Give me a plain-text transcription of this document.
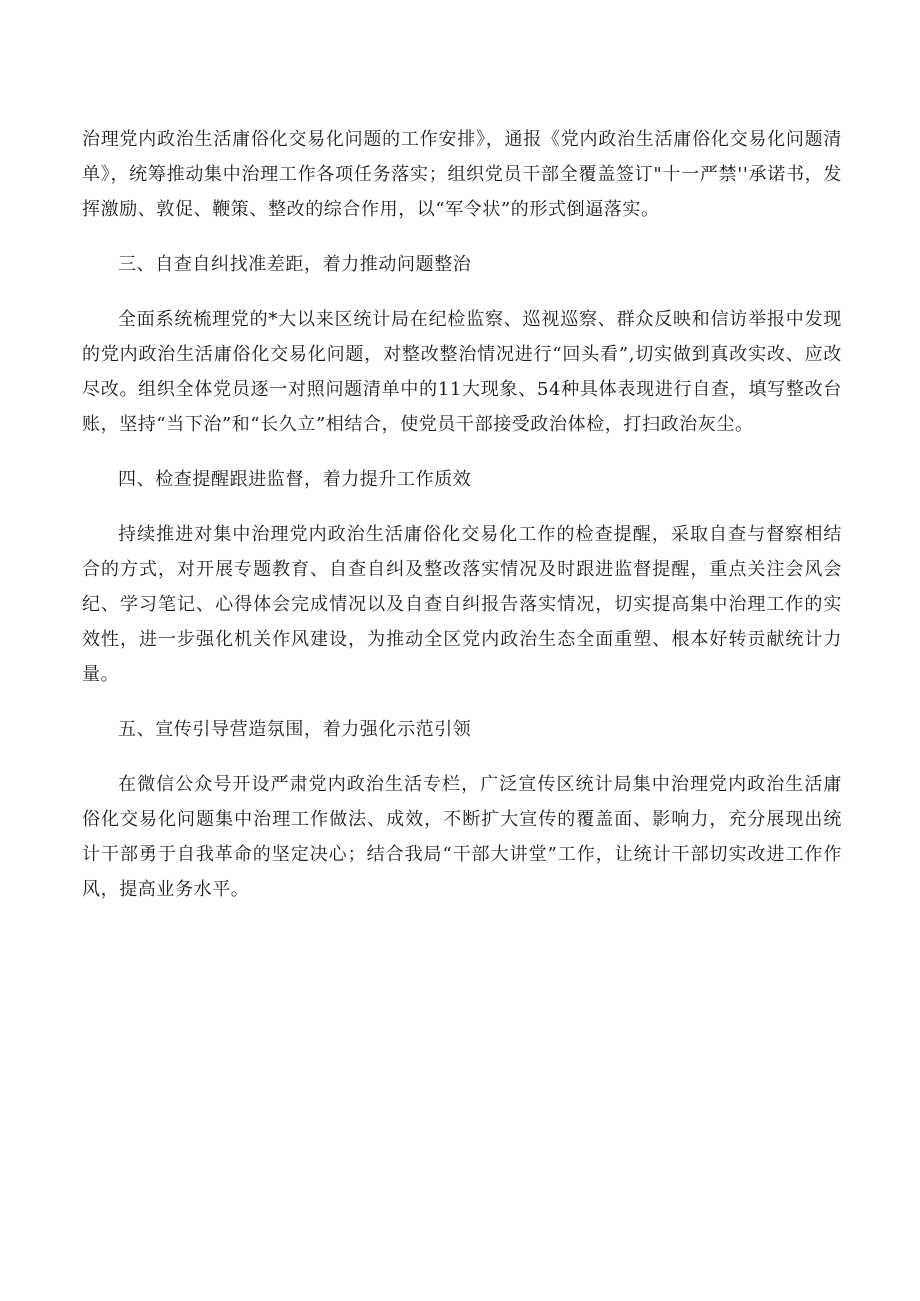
治理党内政治生活庸俗化交易化问题的工作安排》，通报《党内政治生活庸俗化交易化问题清单》，统筹推动集中治理工作各项任务落实；组织党员干部全覆盖签订"十一严禁''承诺书，发挥激励、敦促、鞭策、整改的综合作用，以“军令状”的形式倒逼落实。

三、自查自纠找准差距，着力推动问题整治

全面系统梳理党的*大以来区统计局在纪检监察、巡视巡察、群众反映和信访举报中发现的党内政治生活庸俗化交易化问题，对整改整治情况进行“回头看”,切实做到真改实改、应改尽改。组织全体党员逐一对照问题清单中的11大现象、54种具体表现进行自查，填写整改台账，坚持“当下治”和“长久立”相结合，使党员干部接受政治体检，打扫政治灰尘。

四、检查提醒跟进监督，着力提升工作质效

持续推进对集中治理党内政治生活庸俗化交易化工作的检查提醒，采取自查与督察相结合的方式，对开展专题教育、自查自纠及整改落实情况及时跟进监督提醒，重点关注会风会纪、学习笔记、心得体会完成情况以及自查自纠报告落实情况，切实提高集中治理工作的实效性，进一步强化机关作风建设，为推动全区党内政治生态全面重塑、根本好转贡献统计力量。

五、宣传引导营造氛围，着力强化示范引领

在微信公众号开设严肃党内政治生活专栏，广泛宣传区统计局集中治理党内政治生活庸俗化交易化问题集中治理工作做法、成效，不断扩大宣传的覆盖面、影响力，充分展现出统计干部勇于自我革命的坚定决心；结合我局“干部大讲堂”工作，让统计干部切实改进工作作风，提高业务水平。
